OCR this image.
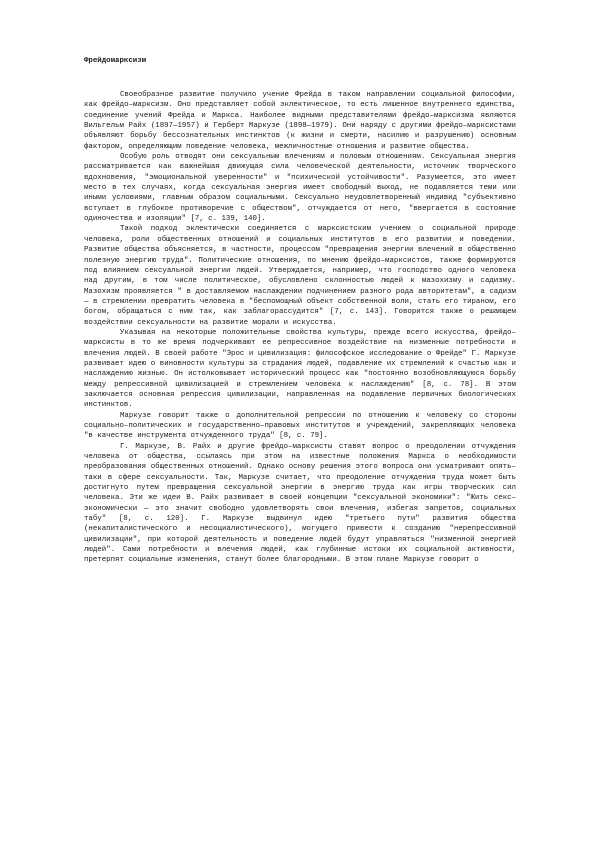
Фрейдомарксизм

Своеобразное развитие получило учение Фрейда в таком направлении социальной философии, как фрейдо–марксизм. Оно представляет собой эклектическое, то есть лишенное внутреннего единства, соединение учений Фрейда и Маркса. Наиболее видными представителями фрейдо–марксизма являются Вильгельм Райх (1897—1957) и Герберт Маркузе (1898—1979). Они наряду с другими фрейдо–марксистами объявляют борьбу бессознательных инстинктов (к жизни и смерти, насилию и разрушению) основным фактором, определяющим поведение человека, межличностные отношения и развитие общества.

Особую роль отводят они сексуальным влечениям и половым отношениям. Сексуальная энергия рассматривается как важнейшая движущая сила человеческой деятельности, источник творческого вдохновения, "эмоциональной уверенности" и "психической устойчивости". Разумеется, это имеет место в тех случаях, когда сексуальная энергия имеет свободный выход, не подавляется теми или иными условиями, главным образом социальными. Сексуально неудовлетворенный индивид "субъективно вступает в глубокое противоречие с обществом", отчуждается от него, "ввергается в состояние одиночества и изоляции" [7, с. 139, 140].

Такой подход эклектически соединяется с марксистским учением о социальной природе человека, роли общественных отношений и социальных институтов в его развитии и поведении. Развитие общества объясняется, в частности, процессом "превращения энергии влечений в общественно полезную энергию труда". Политические отношения, по мнению фрейдо–марксистов, также формируются под влиянием сексуальной энергии людей. Утверждается, например, что господство одного человека над другим, в том числе политическое, обусловлено склонностью людей к мазохизму и садизму. Мазохизм проявляется " в доставляемом наслаждении подчинением разного рода авторитетам", а садизм — в стремлении превратить человека в "беспомощный объект собственной воли, стать его тираном, его богом, обращаться с ним так, как заблагорассудится" [7, с. 143]. Говорится также о решающем воздействии сексуальности на развитие морали и искусства.

Указывая на некоторые положительные свойства культуры, прежде всего искусства, фрейдо–марксисты в то же время подчеркивают ее репрессивное воздействие на низменные потребности и влечения людей. В своей работе "Эрос и цивилизация: философское исследование о Фрейде" Г. Маркузе развивает идею о виновности культуры за страдания людей, подавление их стремлений к счастью как и наслаждению жизнью. Он истолковывает исторический процесс как "постоянно возобновляющуюся борьбу между репрессивной цивилизацией и стремлением человека к наслаждению" [8, с. 78]. В этом заключается основная репрессия цивилизации, направленная на подавление первичных биологических инстинктов.

Маркузе говорит также о дополнительной репрессии по отношению к человеку со стороны социально–политических и государственно–правовых институтов и учреждений, закрепляющих человека "в качестве инструмента отчужденного труда" [8, с. 79].

Г. Маркузе, В. Райх и другие фрейдо–марксисты ставят вопрос о преодолении отчуждения человека от общества, ссылаясь при этом на известные положения Маркса о необходимости преобразования общественных отношений. Однако основу решения этого вопроса они усматривают опять–таки в сфере сексуальности. Так, Маркузе считает, что преодоление отчуждения труда может быть достигнуто путем превращения сексуальной энергии в энергию труда как игры творческих сил человека. Эти же идеи В. Райх развивает в своей концепции "сексуальной экономики": "Жить секс–экономически — это значит свободно удовлетворять свои влечения, избегая запретов, социальных табу" [8, с. 120]. Г. Маркузе выдвинул идею "третьего пути" развития общества (некапиталистического и несоциалистического), могущего привести к созданию "нерепрессивной цивилизации", при которой деятельность и поведение людей будут управляться "низменной энергией людей". Сами потребности и влечения людей, как глубинные истоки их социальной активности, претерпят социальные изменения, станут более благородными. В этом плане Маркузе говорит о
